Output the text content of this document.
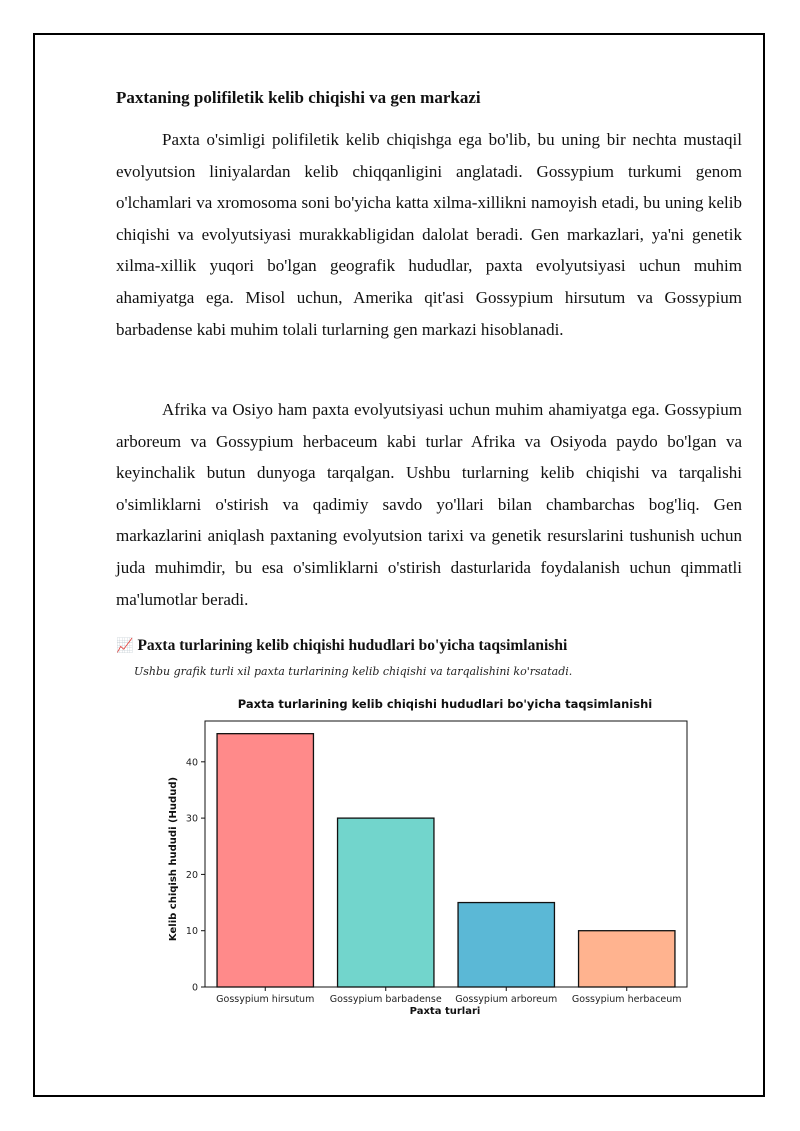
Paxtaning polifiletik kelib chiqishi va gen markazi

Paxta o'simligi polifiletik kelib chiqishga ega bo'lib, bu uning bir nechta mustaqil evolyutsion liniyalardan kelib chiqqanligini anglatadi. Gossypium turkumi genom o'lchamlari va xromosoma soni bo'yicha katta xilma-xillikni namoyish etadi, bu uning kelib chiqishi va evolyutsiyasi murakkabligidan dalolat beradi. Gen markazlari, ya'ni genetik xilma-xillik yuqori bo'lgan geografik hududlar, paxta evolyutsiyasi uchun muhim ahamiyatga ega. Misol uchun, Amerika qit'asi Gossypium hirsutum va Gossypium barbadense kabi muhim tolali turlarning gen markazi hisoblanadi.

Afrika va Osiyo ham paxta evolyutsiyasi uchun muhim ahamiyatga ega. Gossypium arboreum va Gossypium herbaceum kabi turlar Afrika va Osiyoda paydo bo'lgan va keyinchalik butun dunyoga tarqalgan. Ushbu turlarning kelib chiqishi va tarqalishi o'simliklarni o'stirish va qadimiy savdo yo'llari bilan chambarchas bog'liq. Gen markazlarini aniqlash paxtaning evolyutsion tarixi va genetik resurslarini tushunish uchun juda muhimdir, bu esa o'simliklarni o'stirish dasturlarida foydalanish uchun qimmatli ma'lumotlar beradi.

📈 Paxta turlarining kelib chiqishi hududlari bo'yicha taqsimlanishi

Ushbu grafik turli xil paxta turlarining kelib chiqishi va tarqalishini ko'rsatadi.

Paxta turlarining kelib chiqishi hududlari bo'yicha taqsimlanishi
Gossypium hirsutum Gossypium barbadense Gossypium arboreum Gossypium herbaceum
0
10
20
30
40
Paxta turlari
Kelib chiqish hududi (Hudud)
